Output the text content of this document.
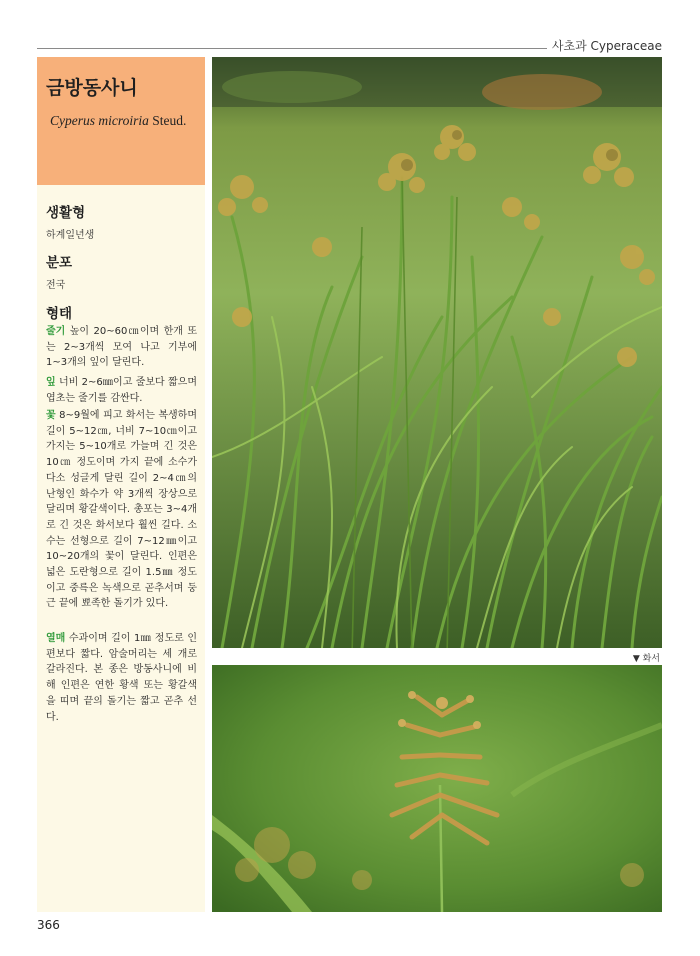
사초과 Cyperaceae
금방동사니
Cyperus microiria Steud.
생활형
하계일년생
분포
전국
형태
줄기 높이 20~60㎝이며 한개 또는 2~3개씩 모여 나고 기부에 1~3개의 잎이 달린다.
잎 너비 2~6㎜이고 줄보다 짧으며 엽초는 줄기를 감싼다.
꽃 8~9월에 피고 화서는 복생하며 길이 5~12㎝, 너비 7~10㎝이고 가지는 5~10개로 가늘며 긴 것은 10㎝ 정도이며 가지 끝에 소수가 다소 성글게 달린 길이 2~4㎝의 난형인 화수가 약 3개씩 장상으로 달리며 황갈색이다. 총포는 3~4개로 긴 것은 화서보다 훨씬 길다. 소수는 선형으로 길이 7~12㎜이고 10~20개의 꽃이 달린다. 인편은 넓은 도란형으로 길이 1.5㎜ 정도이고 중륵은 녹색으로 곧추서며 둥근 끝에 뾰족한 돌기가 있다.
열매 수과이며 길이 1㎜ 정도로 인편보다 짧다. 암술머리는 세 개로 갈라진다. 본 종은 방동사니에 비해 인편은 연한 황색 또는 황갈색을 띠며 끝의 돌기는 짧고 곧추 선다.
▼ 화서
366
